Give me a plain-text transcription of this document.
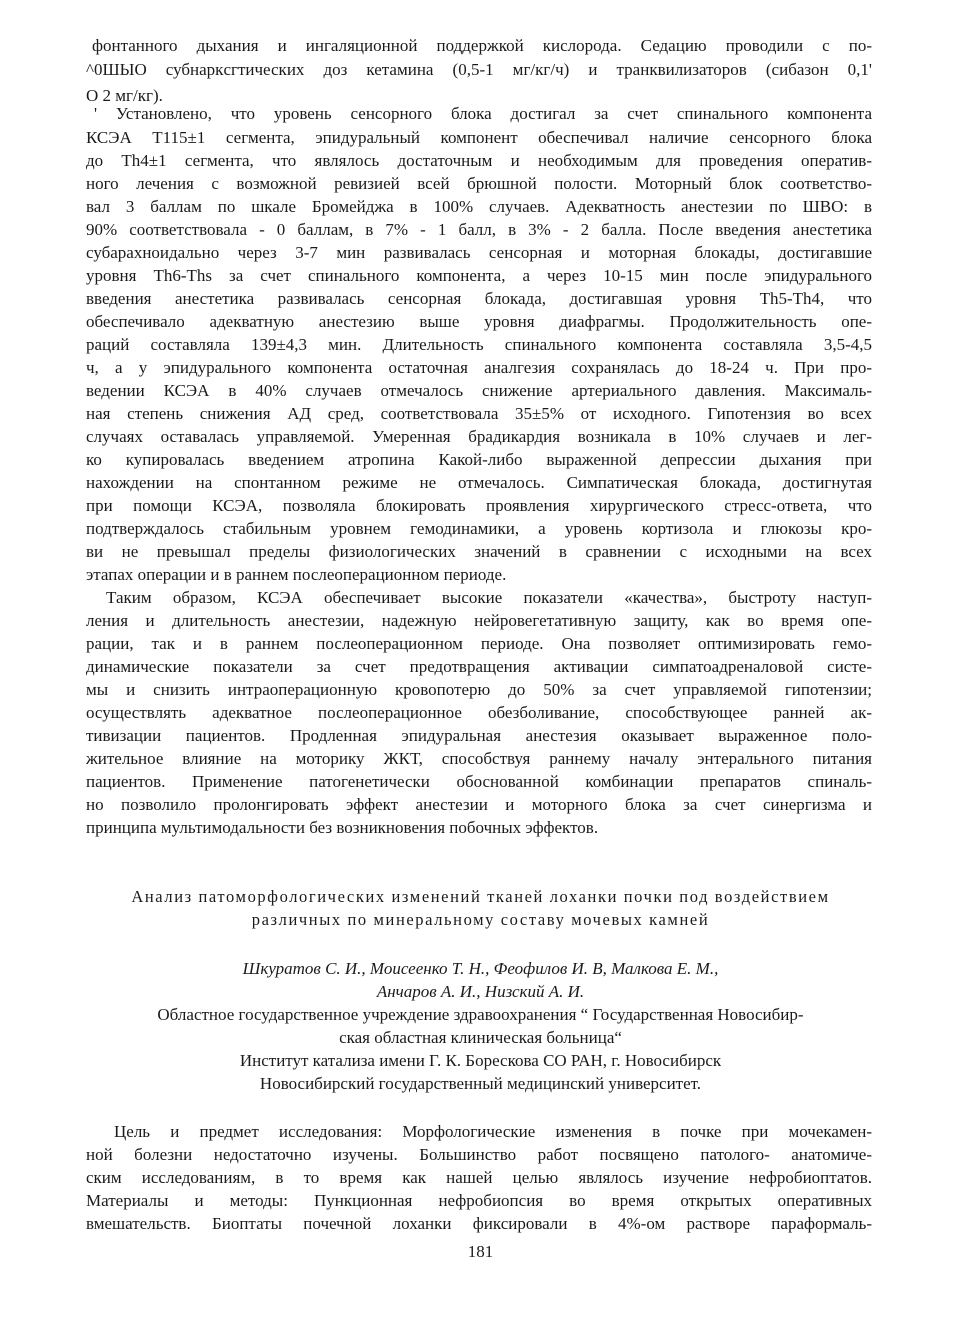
фонтанного дыхания и ингаляционной поддержкой кислорода. Седацию проводили с по-
^0ШЫО субнаркcгтических доз кетамина (0,5-1 мг/кг/ч) и транквилизаторов (сибазон 0,1'
О 2 мг/кг).
' Установлено, что уровень сенсорного блока достигал за счет спинального компонента
КСЭА Т115±1 сегмента, эпидуральный компонент обеспечивал наличие сенсорного блока
до Th4±1 сегмента, что являлось достаточным и необходимым для проведения оператив-
ного лечения с возможной ревизией всей брюшной полости. Моторный блок соответство-
вал 3 баллам по шкале Бромейджа в 100% случаев. Адекватность анестезии по ШВО: в
90% соответствовала - 0 баллам, в 7% - 1 балл, в 3% - 2 балла. После введения анестетика
субарахноидально через 3-7 мин развивалась сенсорная и моторная блокады, достигавшие
уровня Th6-Ths за счет спинального компонента, а через 10-15 мин после эпидурального
введения анестетика развивалась сенсорная блокада, достигавшая уровня Th5-Th4, что
обеспечивало адекватную анестезию выше уровня диафрагмы. Продолжительность опе-
раций составляла 139±4,3 мин. Длительность спинального компонента составляла 3,5-4,5
ч, а у эпидурального компонента остаточная аналгезия сохранялась до 18-24 ч. При про-
ведении КСЭА в 40% случаев отмечалось снижение артериального давления. Максималь-
ная степень снижения АД сред, соответствовала 35±5% от исходного. Гипотензия во всех
случаях оставалась управляемой. Умеренная брадикардия возникала в 10% случаев и лег-
ко купировалась введением атропина Какой-либо выраженной депрессии дыхания при
нахождении на спонтанном режиме не отмечалось. Симпатическая блокада, достигнутая
при помощи КСЭА, позволяла блокировать проявления хирургического стресс-ответа, что
подтверждалось стабильным уровнем гемодинамики, а уровень кортизола и глюкозы кро-
ви не превышал пределы физиологических значений в сравнении с исходными на всех
этапах операции и в раннем послеоперационном периоде.
Таким образом, КСЭА обеспечивает высокие показатели «качества», быстроту наступ-
ления и длительность анестезии, надежную нейровегетативную защиту, как во время опе-
рации, так и в раннем послеоперационном периоде. Она позволяет оптимизировать гемо-
динамические показатели за счет предотвращения активации симпатоадреналовой систе-
мы и снизить интраоперационную кровопотерю до 50% за счет управляемой гипотензии;
осуществлять адекватное послеоперационное обезболивание, способствующее ранней ак-
тивизации пациентов. Продленная эпидуральная анестезия оказывает выраженное поло-
жительное влияние на моторику ЖКТ, способствуя раннему началу энтерального питания
пациентов. Применение патогенетически обоснованной комбинации препаратов спиналь-
но позволило пролонгировать эффект анестезии и моторного блока за счет синергизма и
принципа мультимодальности без возникновения побочных эффектов.
Анализ патоморфологических изменений тканей лоханки почки под воздействием
различных по минеральному составу мочевых камней
Шкуратов С. И., Моисеенко Т. Н., Феофилов И. В, Малкова Е. М.,
Анчаров А. И., Низский А. И.
Областное государственное учреждение здравоохранения “ Государственная Новосибир-
ская областная клиническая больница“
Институт катализа имени Г. К. Борескова СО РАН, г. Новосибирск
Новосибирский государственный медицинский университет.
Цель и предмет исследования: Морфологические изменения в почке при мочекамен-
ной болезни недостаточно изучены. Большинство работ посвящено патолого- анатомиче-
ским исследованиям, в то время как нашей целью являлось изучение нефробиоптатов.
Материалы и методы: Пункционная нефробиопсия во время открытых оперативных
вмешательств. Биоптаты почечной лоханки фиксировали в 4%-ом растворе параформаль-
181
